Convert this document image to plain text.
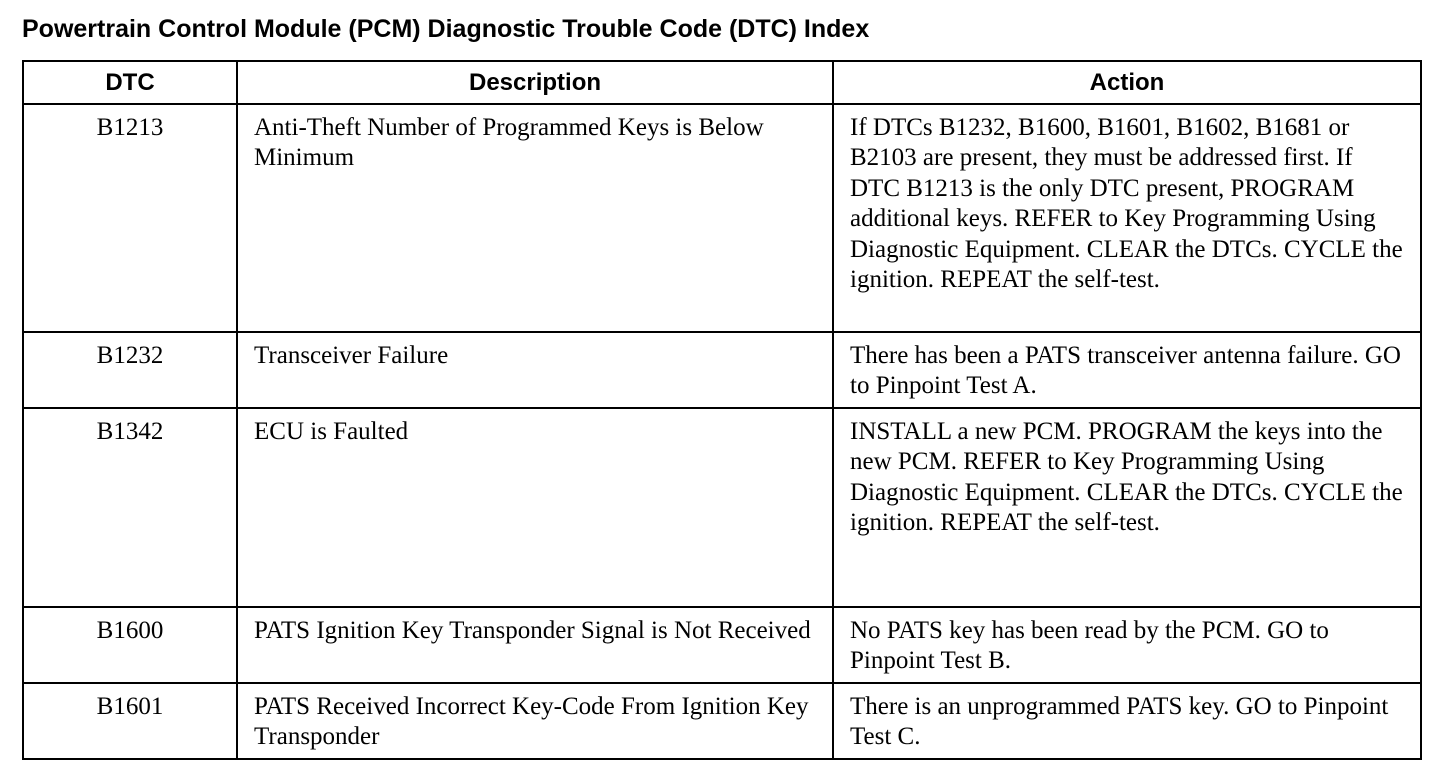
Powertrain Control Module (PCM) Diagnostic Trouble Code (DTC) Index
DTC	Description	Action
B1213	Anti-Theft Number of Programmed Keys is Below Minimum	If DTCs B1232, B1600, B1601, B1602, B1681 or B2103 are present, they must be addressed first. If DTC B1213 is the only DTC present, PROGRAM additional keys. REFER to Key Programming Using Diagnostic Equipment. CLEAR the DTCs. CYCLE the ignition. REPEAT the self-test.
B1232	Transceiver Failure	There has been a PATS transceiver antenna failure. GO to Pinpoint Test A.
B1342	ECU is Faulted	INSTALL a new PCM. PROGRAM the keys into the new PCM. REFER to Key Programming Using Diagnostic Equipment. CLEAR the DTCs. CYCLE the ignition. REPEAT the self-test.
B1600	PATS Ignition Key Transponder Signal is Not Received	No PATS key has been read by the PCM. GO to Pinpoint Test B.
B1601	PATS Received Incorrect Key-Code From Ignition Key Transponder	There is an unprogrammed PATS key. GO to Pinpoint Test C.
